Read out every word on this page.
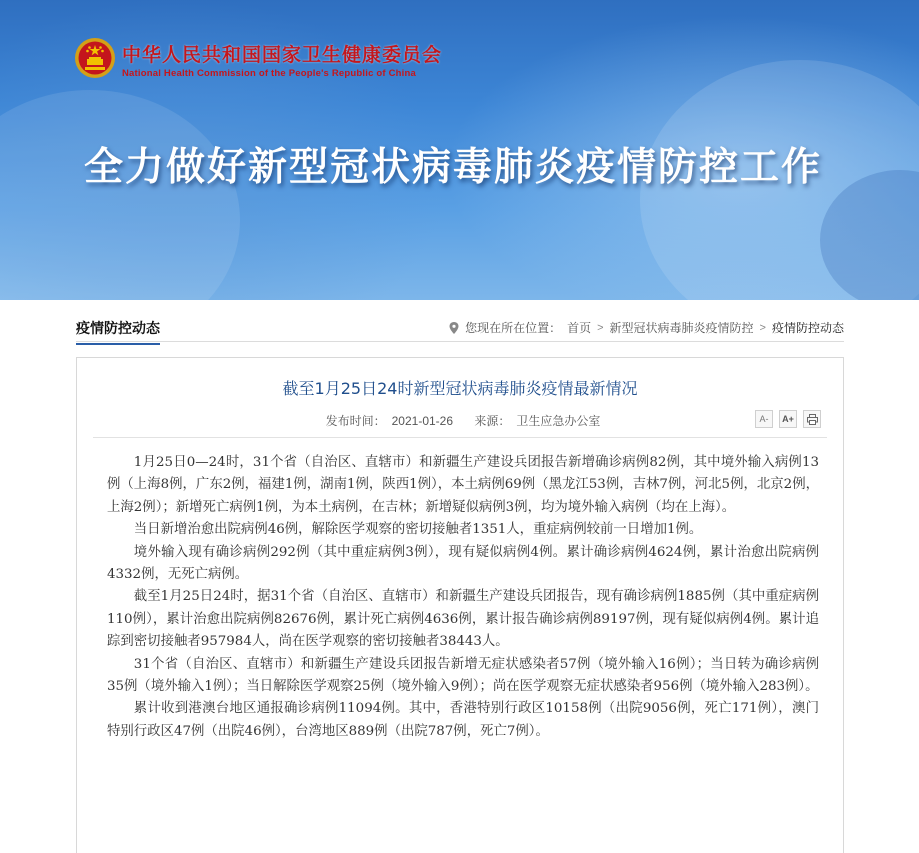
中华人民共和国国家卫生健康委员会
National Health Commission of the People's Republic of China
全力做好新型冠状病毒肺炎疫情防控工作
疫情防控动态	您现在所在位置： 首页 > 新型冠状病毒肺炎疫情防控 > 疫情防控动态
截至1月25日24时新型冠状病毒肺炎疫情最新情况
发布时间： 2021-01-26 来源： 卫生应急办公室	A-	A+

1月25日0—24时，31个省（自治区、直辖市）和新疆生产建设兵团报告新增确诊病例82例，其中境外输入病例13例（上海8例，广东2例，福建1例，湖南1例，陕西1例），本土病例69例（黑龙江53例，吉林7例，河北5例，北京2例，上海2例）；新增死亡病例1例，为本土病例，在吉林；新增疑似病例3例，均为境外输入病例（均在上海）。

当日新增治愈出院病例46例，解除医学观察的密切接触者1351人，重症病例较前一日增加1例。

境外输入现有确诊病例292例（其中重症病例3例），现有疑似病例4例。累计确诊病例4624例，累计治愈出院病例4332例，无死亡病例。

截至1月25日24时，据31个省（自治区、直辖市）和新疆生产建设兵团报告，现有确诊病例1885例（其中重症病例110例），累计治愈出院病例82676例，累计死亡病例4636例，累计报告确诊病例89197例，现有疑似病例4例。累计追踪到密切接触者957984人，尚在医学观察的密切接触者38443人。

31个省（自治区、直辖市）和新疆生产建设兵团报告新增无症状感染者57例（境外输入16例）；当日转为确诊病例35例（境外输入1例）；当日解除医学观察25例（境外输入9例）；尚在医学观察无症状感染者956例（境外输入283例）。

累计收到港澳台地区通报确诊病例11094例。其中，香港特别行政区10158例（出院9056例，死亡171例），澳门特别行政区47例（出院46例），台湾地区889例（出院787例，死亡7例）。
